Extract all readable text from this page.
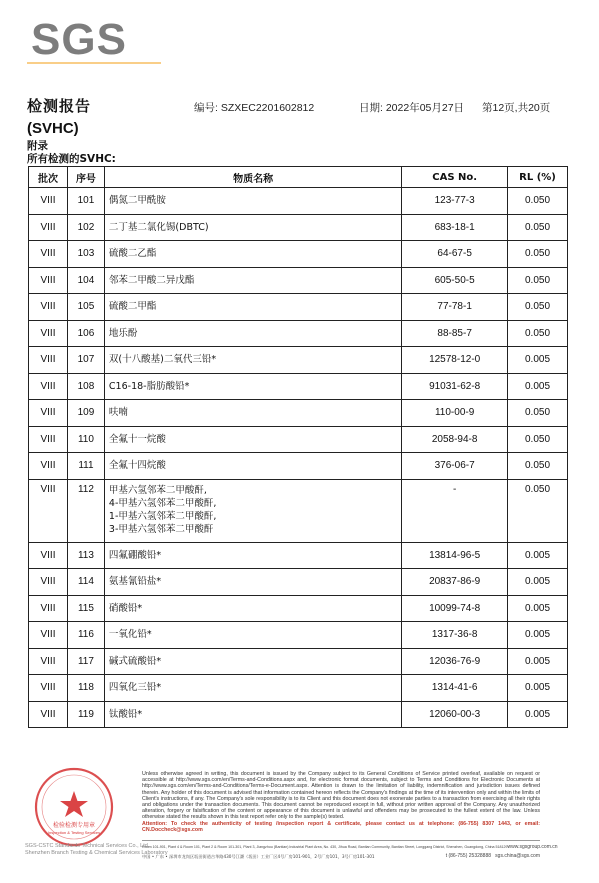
SGS
检测报告
(SVHC)
编号: SZXEC2201602812	日期: 2022年05月27日 第12页,共20页
附录
所有检测的SVHC:
批次	序号	物质名称	CAS No.	RL (%)
VIII	101	偶氮二甲酰胺	123-77-3	0.050
VIII	102	二丁基二氯化锡(DBTC)	683-18-1	0.050
VIII	103	硫酸二乙酯	64-67-5	0.050
VIII	104	邻苯二甲酸二异戊酯	605-50-5	0.050
VIII	105	硫酸二甲酯	77-78-1	0.050
VIII	106	地乐酚	88-85-7	0.050
VIII	107	双(十八酸基)二氧代三铅*	12578-12-0	0.005
VIII	108	C16-18-脂肪酸铅*	91031-62-8	0.005
VIII	109	呋喃	110-00-9	0.050
VIII	110	全氟十一烷酸	2058-94-8	0.050
VIII	111	全氟十四烷酸	376-06-7	0.050
VIII	112	甲基六氢邻苯二甲酸酐,
4-甲基六氢邻苯二甲酸酐,
1-甲基六氢邻苯二甲酸酐,
3-甲基六氢邻苯二甲酸酐	-	0.050
VIII	113	四氟硼酸铅*	13814-96-5	0.005
VIII	114	氨基氰铅盐*	20837-86-9	0.005
VIII	115	硝酸铅*	10099-74-8	0.005
VIII	116	一氧化铅*	1317-36-8	0.005
VIII	117	碱式硫酸铅*	12036-76-9	0.005
VIII	118	四氧化三铅*	1314-41-6	0.005
VIII	119	钛酸铅*	12060-00-3	0.005
检验检测专用章
Inspection & Testing Services
SGS-CSTC Standards Technical Services Co., Ltd.
Shenzhen Branch Testing & Chemical Services Laboratory
Unless otherwise agreed in writing, this document is issued by the Company subject to its General Conditions of Service printed overleaf, available on request or accessible at http://www.sgs.com/en/Terms-and-Conditions.aspx and, for electronic format documents, subject to Terms and Conditions for Electronic Documents at http://www.sgs.com/en/Terms-and-Conditions/Terms-e-Document.aspx. Attention is drawn to the limitation of liability, indemnification and jurisdiction issues defined therein. Any holder of this document is advised that information contained hereon reflects the Company's findings at the time of its intervention only and within the limits of Client's instructions, if any. The Company's sole responsibility is to its Client and this document does not exonerate parties to a transaction from exercising all their rights and obligations under the transaction documents. This document cannot be reproduced except in full, without prior written approval of the Company. Any unauthorized alteration, forgery or falsification of the content or appearance of this document is unlawful and offenders may be prosecuted to the fullest extent of the law. Unless otherwise stated the results shown in this test report refer only to the sample(s) tested.
Attention: To check the authenticity of testing /inspection report & certificate, please contact us at telephone: (86-755) 8307 1443, or email: CN.Doccheck@sgs.com
Room 101-901, Plant 4 & Room 101, Plant 2 & Room 101-301, Plant 3, Jiangzhou (Bantian) Industrial Plant Area, No. 430, Jihua Road, Bantian Community, Bantian Street, Longgang District, Shenzhen, Guangdong, China 518129 www.sgsgroup.com.cn
中国 • 广东 • 深圳市龙岗区坂田街道吉华路430号江灏（坂田）工业厂区4号厂房101-901，2号厂房101，3号厂房101-301	t (86-755) 25328888 sgs.china@sgs.com
